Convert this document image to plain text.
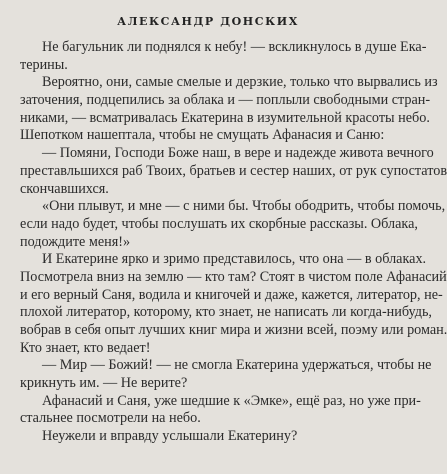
АЛЕКСАНДР ДОНСКИХ
Не багульник ли поднялся к небу! — вскликнулось в душе Ека-
терины.
Вероятно, они, самые смелые и дерзкие, только что вырвались из
заточения, подцепились за облака и — поплыли свободными стран-
никами, — всматривалась Екатерина в изумительной красоты небо.
Шепотком нашептала, чтобы не смущать Афанасия и Саню:
— Помяни, Господи Боже наш, в вере и надежде живота вечного
преставльшихся раб Твоих, братьев и сестер наших, от рук супостатов
скончавшихся.
«Они плывут, и мне — с ними бы. Чтобы ободрить, чтобы помочь,
если надо будет, чтобы послушать их скорбные рассказы. Облака,
подождите меня!»
И Екатерине ярко и зримо представилось, что она — в облаках.
Посмотрела вниз на землю — кто там? Стоят в чистом поле Афанасий
и его верный Саня, водила и книгочей и даже, кажется, литератор, не-
плохой литератор, которому, кто знает, не написать ли когда-нибудь,
вобрав в себя опыт лучших книг мира и жизни всей, поэму или роман.
Кто знает, кто ведает!
— Мир — Божий! — не смогла Екатерина удержаться, чтобы не
крикнуть им. — Не верите?
Афанасий и Саня, уже шедшие к «Эмке», ещё раз, но уже при-
стальнее посмотрели на небо.
Неужели и вправду услышали Екатерину?
